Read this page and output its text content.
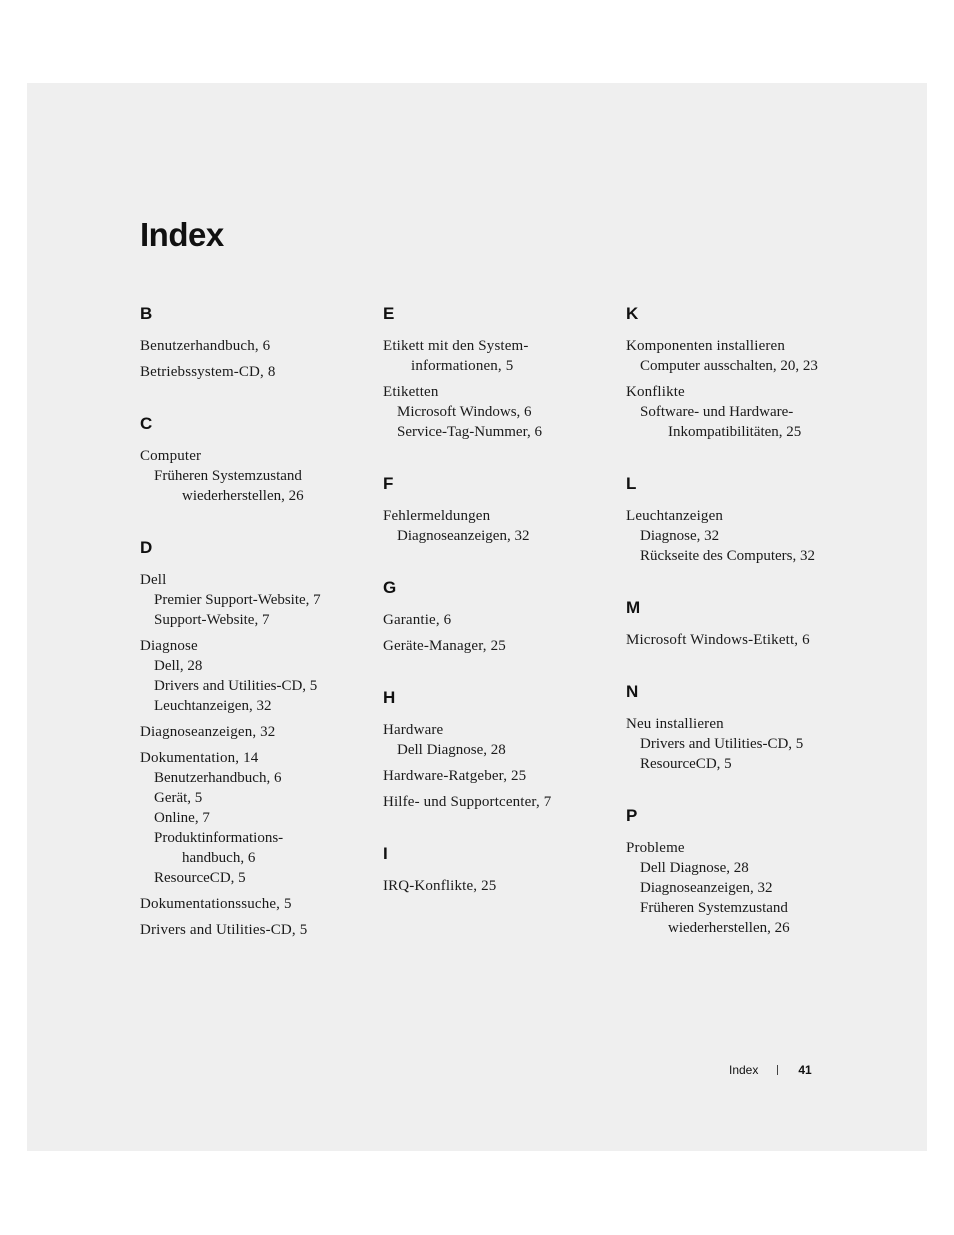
Index
B
Benutzerhandbuch, 6
Betriebssystem-CD, 8
C
Computer
Früheren Systemzustand
wiederherstellen, 26
D
Dell
Premier Support-Website, 7
Support-Website, 7
Diagnose
Dell, 28
Drivers and Utilities-CD, 5
Leuchtanzeigen, 32
Diagnoseanzeigen, 32
Dokumentation, 14
Benutzerhandbuch, 6
Gerät, 5
Online, 7
Produktinformations-
handbuch, 6
ResourceCD, 5
Dokumentationssuche, 5
Drivers and Utilities-CD, 5
E
Etikett mit den System-
informationen, 5
Etiketten
Microsoft Windows, 6
Service-Tag-Nummer, 6
F
Fehlermeldungen
Diagnoseanzeigen, 32
G
Garantie, 6
Geräte-Manager, 25
H
Hardware
Dell Diagnose, 28
Hardware-Ratgeber, 25
Hilfe- und Supportcenter, 7
I
IRQ-Konflikte, 25
K
Komponenten installieren
Computer ausschalten, 20, 23
Konflikte
Software- und Hardware-
Inkompatibilitäten, 25
L
Leuchtanzeigen
Diagnose, 32
Rückseite des Computers, 32
M
Microsoft Windows-Etikett, 6
N
Neu installieren
Drivers and Utilities-CD, 5
ResourceCD, 5
P
Probleme
Dell Diagnose, 28
Diagnoseanzeigen, 32
Früheren Systemzustand
wiederherstellen, 26
Index	41
